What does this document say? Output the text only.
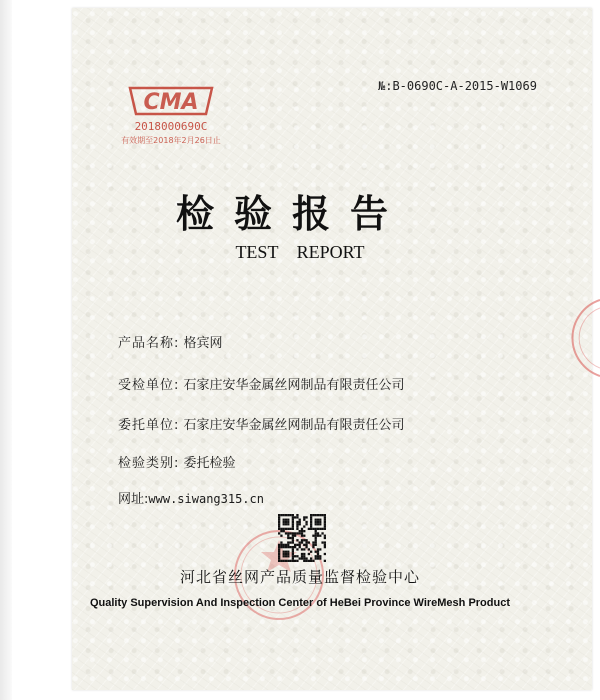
№:B-0690C-A-2015-W1069
CMA
2018000690C
有效期至2018年2月26日止
检验报告
TEST REPORT
产品名称: 格宾网
受检单位: 石家庄安华金属丝网制品有限责任公司
委托单位: 石家庄安华金属丝网制品有限责任公司
检验类别: 委托检验
网址:www.siwang315.cn
河北省丝网产品质量监督检验中心
Quality Supervision And Inspection Center of HeBei Province WireMesh Product
